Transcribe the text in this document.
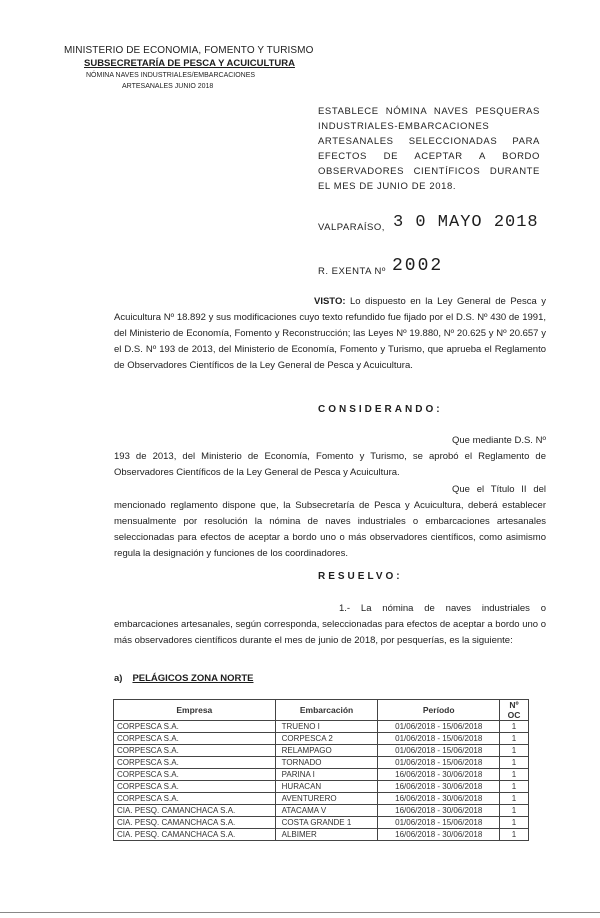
MINISTERIO DE ECONOMIA, FOMENTO Y TURISMO
SUBSECRETARÍA DE PESCA Y ACUICULTURA
NÓMINA NAVES INDUSTRIALES/EMBARCACIONES
ARTESANALES JUNIO 2018
ESTABLECE NÓMINA NAVES PESQUERAS INDUSTRIALES-EMBARCACIONES ARTESANALES SELECCIONADAS PARA EFECTOS DE ACEPTAR A BORDO OBSERVADORES CIENTÍFICOS DURANTE EL MES DE JUNIO DE 2018.
VALPARAÍSO, 3 0 MAYO 2018
R. EXENTA Nº 2002
VISTO: Lo dispuesto en la Ley General de Pesca y Acuicultura Nº 18.892 y sus modificaciones cuyo texto refundido fue fijado por el D.S. Nº 430 de 1991, del Ministerio de Economía, Fomento y Reconstrucción; las Leyes Nº 19.880, Nº 20.625 y Nº 20.657 y el D.S. Nº 193 de 2013, del Ministerio de Economía, Fomento y Turismo, que aprueba el Reglamento de Observadores Científicos de la Ley General de Pesca y Acuicultura.
CONSIDERANDO:
Que mediante D.S. Nº 193 de 2013, del Ministerio de Economía, Fomento y Turismo, se aprobó el Reglamento de Observadores Científicos de la Ley General de Pesca y Acuicultura.
Que el Título II del mencionado reglamento dispone que, la Subsecretaría de Pesca y Acuicultura, deberá establecer mensualmente por resolución la nómina de naves industriales o embarcaciones artesanales seleccionadas para efectos de aceptar a bordo uno o más observadores científicos, como asimismo regula la designación y funciones de los coordinadores.
RESUELVO:
1.- La nómina de naves industriales o embarcaciones artesanales, según corresponda, seleccionadas para efectos de aceptar a bordo uno o más observadores científicos durante el mes de junio de 2018, por pesquerías, es la siguiente:
a) PELÁGICOS ZONA NORTE
Empresa	Embarcación	Período	Nº OC
CORPESCA S.A.	TRUENO I	01/06/2018 - 15/06/2018	1
CORPESCA S.A.	CORPESCA 2	01/06/2018 - 15/06/2018	1
CORPESCA S.A.	RELAMPAGO	01/06/2018 - 15/06/2018	1
CORPESCA S.A.	TORNADO	01/06/2018 - 15/06/2018	1
CORPESCA S.A.	PARINA I	16/06/2018 - 30/06/2018	1
CORPESCA S.A.	HURACAN	16/06/2018 - 30/06/2018	1
CORPESCA S.A.	AVENTURERO	16/06/2018 - 30/06/2018	1
CIA. PESQ. CAMANCHACA S.A.	ATACAMA V	16/06/2018 - 30/06/2018	1
CIA. PESQ. CAMANCHACA S.A.	COSTA GRANDE 1	01/06/2018 - 15/06/2018	1
CIA. PESQ. CAMANCHACA S.A.	ALBIMER	16/06/2018 - 30/06/2018	1
